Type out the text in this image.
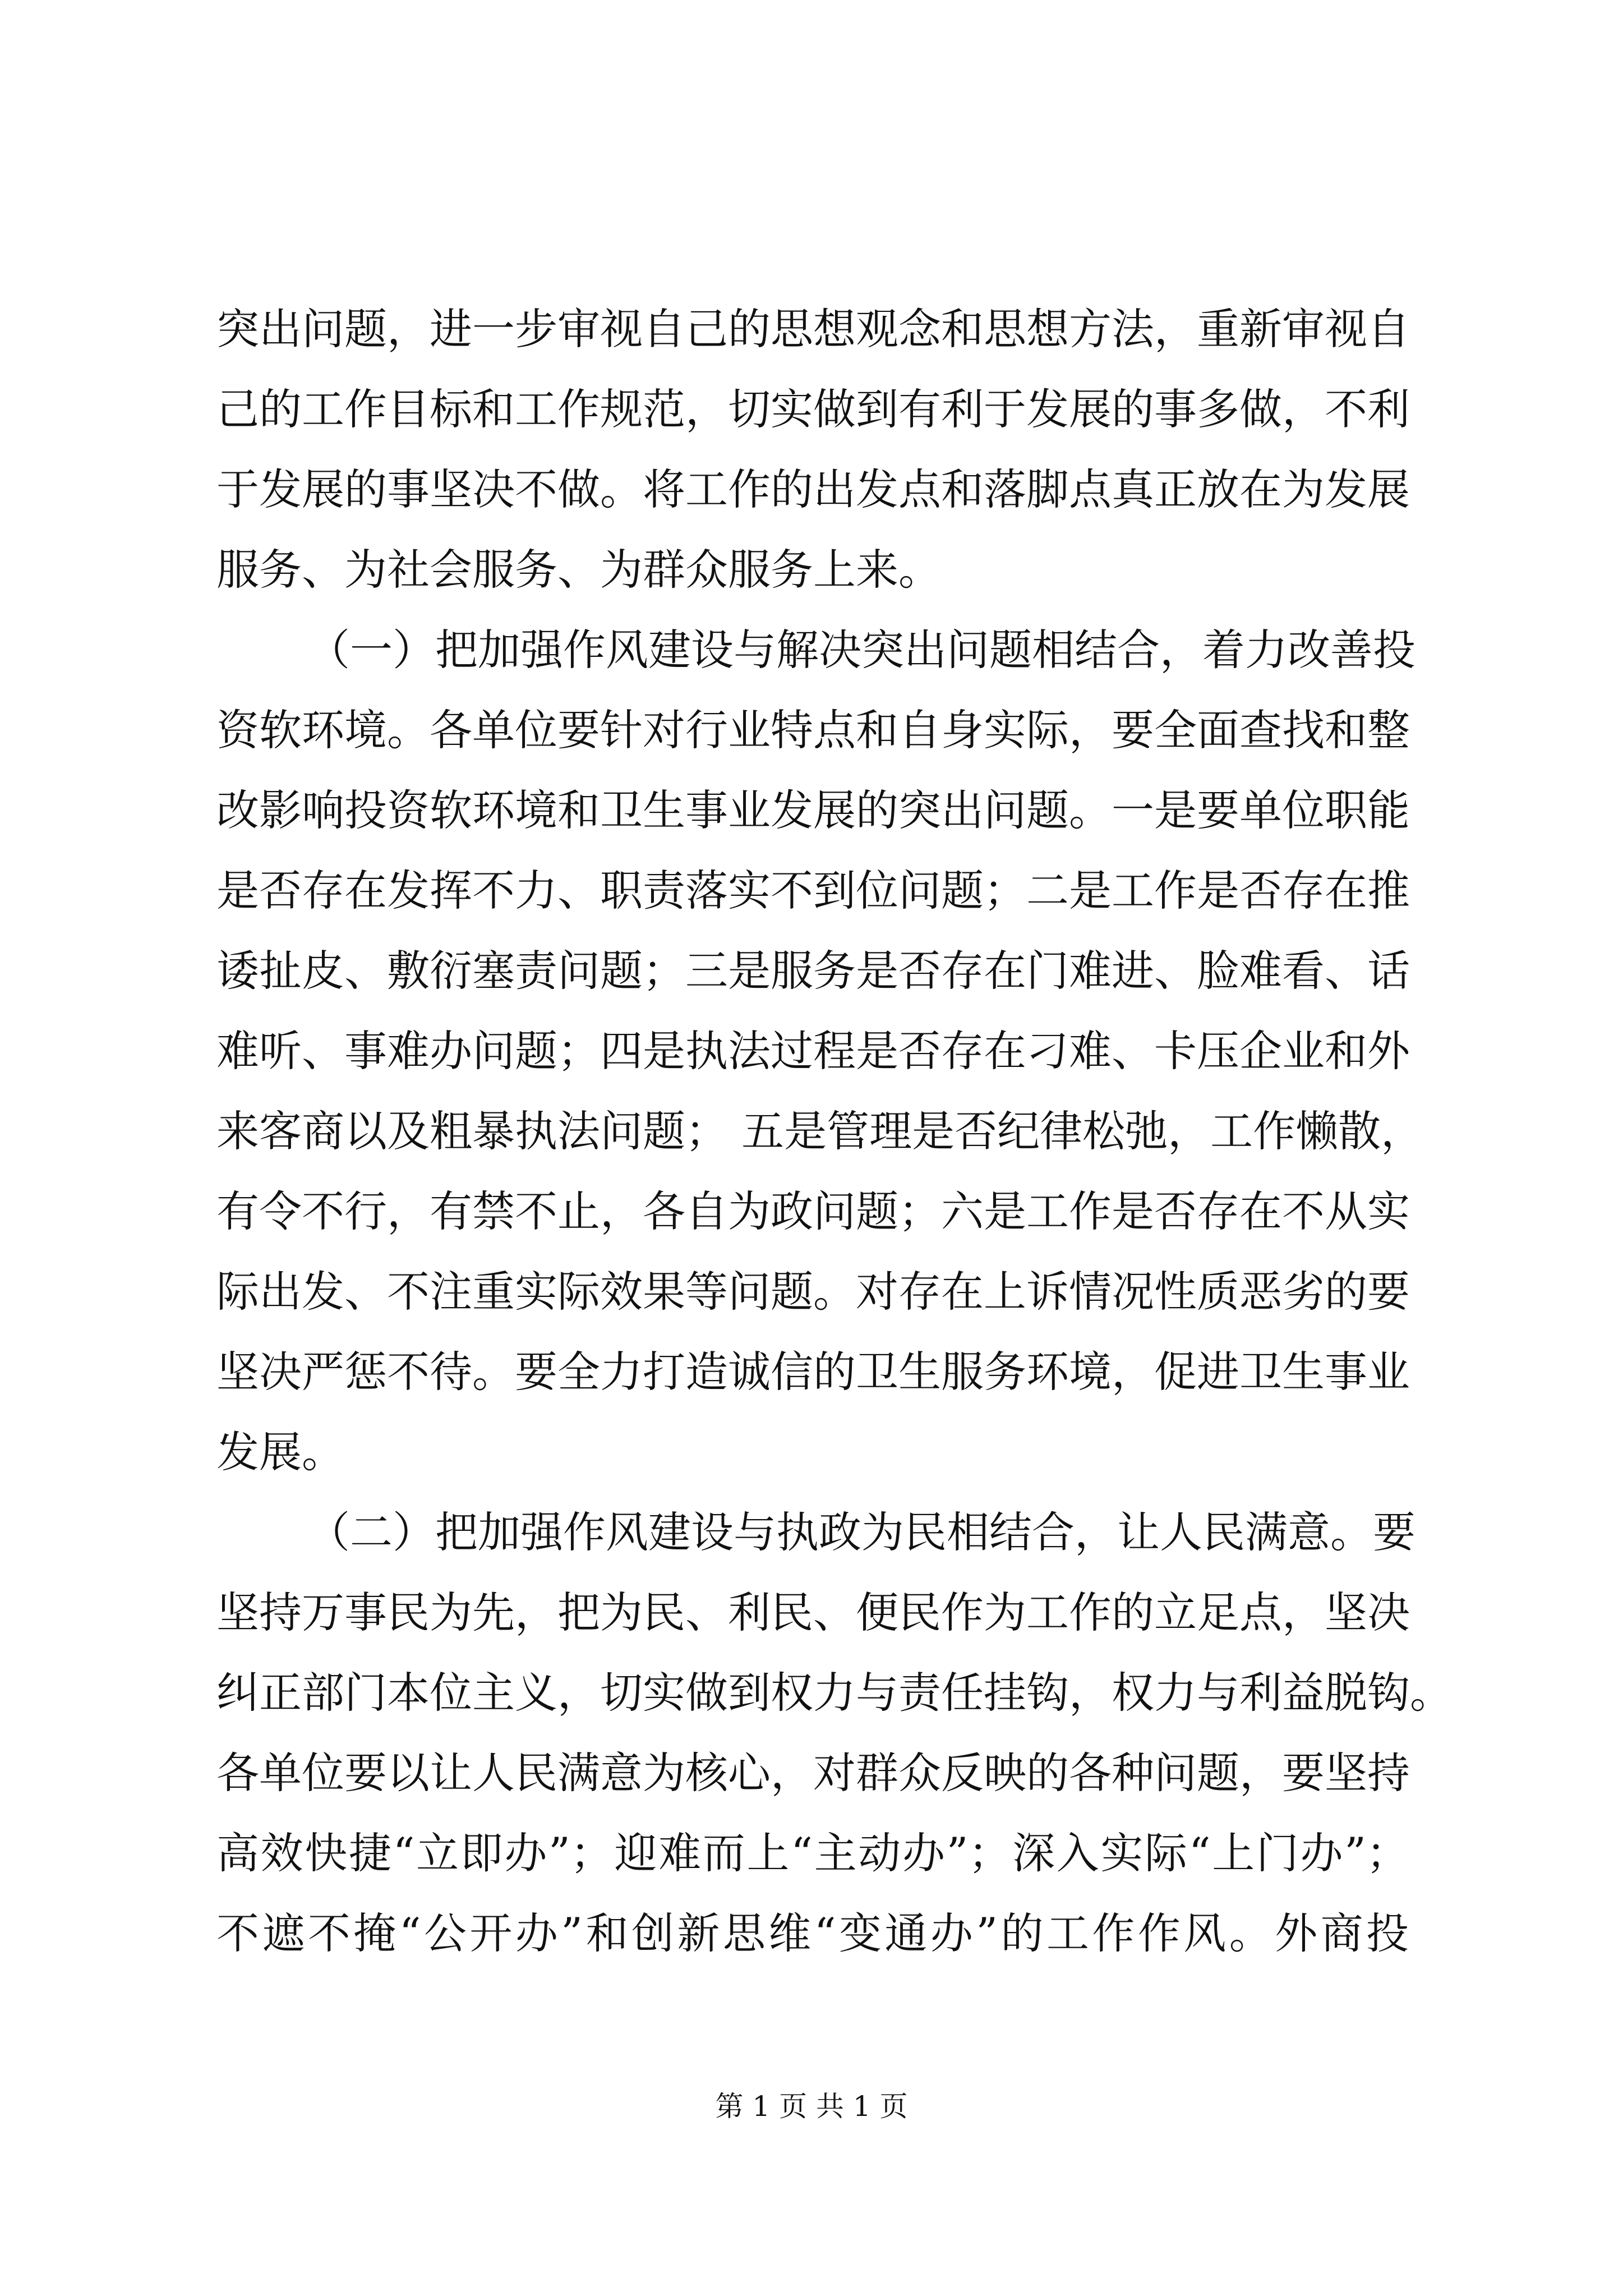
突出问题，进一步审视自己的思想观念和思想方法，重新审视自
己的工作目标和工作规范，切实做到有利于发展的事多做，不利
于发展的事坚决不做。将工作的出发点和落脚点真正放在为发展
服务、为社会服务、为群众服务上来。
（一）把加强作风建设与解决突出问题相结合，着力改善投
资软环境。各单位要针对行业特点和自身实际，要全面查找和整
改影响投资软环境和卫生事业发展的突出问题。一是要单位职能
是否存在发挥不力、职责落实不到位问题；二是工作是否存在推
诿扯皮、敷衍塞责问题；三是服务是否存在门难进、脸难看、话
难听、事难办问题；四是执法过程是否存在刁难、卡压企业和外
来客商以及粗暴执法问题； 五是管理是否纪律松弛，工作懒散，
有令不行，有禁不止，各自为政问题；六是工作是否存在不从实
际出发、不注重实际效果等问题。对存在上诉情况性质恶劣的要
坚决严惩不待。要全力打造诚信的卫生服务环境，促进卫生事业
发展。
（二）把加强作风建设与执政为民相结合，让人民满意。要
坚持万事民为先，把为民、利民、便民作为工作的立足点，坚决
纠正部门本位主义，切实做到权力与责任挂钩，权力与利益脱钩。
各单位要以让人民满意为核心，对群众反映的各种问题，要坚持
高效快捷“立即办”；迎难而上“主动办”；深入实际“上门办”；
不遮不掩“公开办”和创新思维“变通办”的工作作风。外商投
第 1 页 共 1 页
